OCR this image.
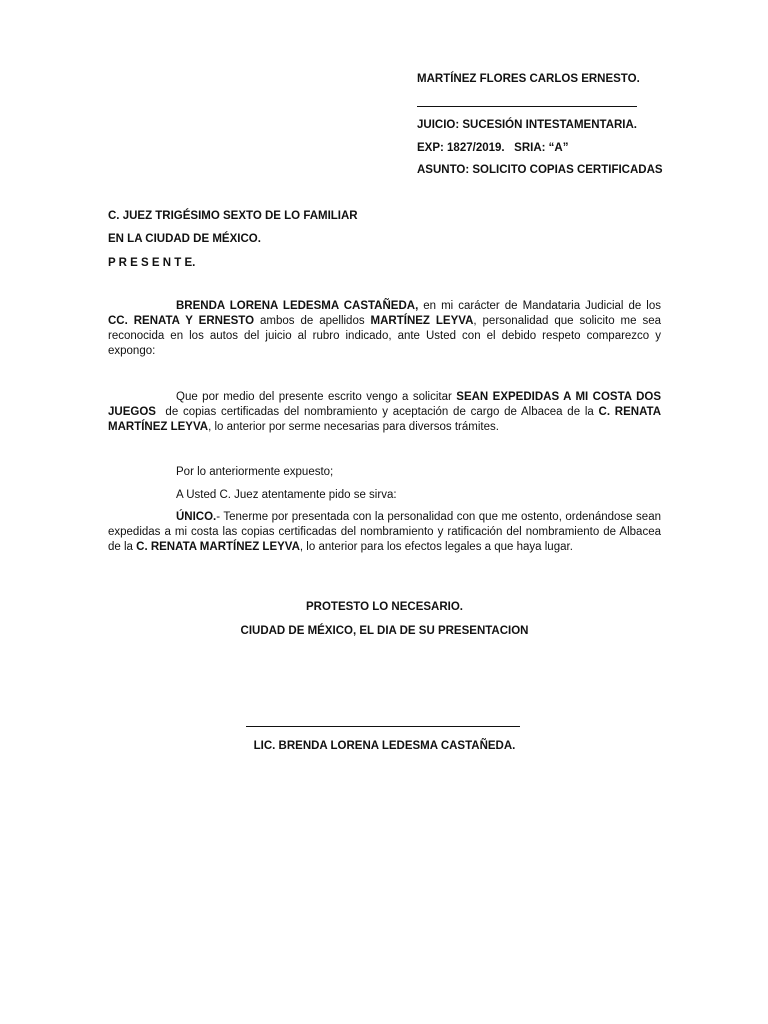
MARTÍNEZ FLORES CARLOS ERNESTO.
JUICIO: SUCESIÓN INTESTAMENTARIA.
EXP: 1827/2019.   SRIA: “A”
ASUNTO: SOLICITO COPIAS CERTIFICADAS
C. JUEZ TRIGÉSIMO SEXTO DE LO FAMILIAR
EN LA CIUDAD DE MÉXICO.
P R E S E N T E.
BRENDA LORENA LEDESMA CASTAÑEDA, en mi carácter de Mandataria Judicial de los CC. RENATA Y ERNESTO ambos de apellidos MARTÍNEZ LEYVA, personalidad que solicito me sea reconocida en los autos del juicio al rubro indicado, ante Usted con el debido respeto comparezco y expongo:
Que por medio del presente escrito vengo a solicitar SEAN EXPEDIDAS A MI COSTA DOS JUEGOS  de copias certificadas del nombramiento y aceptación de cargo de Albacea de la C. RENATA MARTÍNEZ LEYVA, lo anterior por serme necesarias para diversos trámites.
Por lo anteriormente expuesto;
A Usted C. Juez atentamente pido se sirva:
ÚNICO.- Tenerme por presentada con la personalidad con que me ostento, ordenándose sean expedidas a mi costa las copias certificadas del nombramiento y ratificación del nombramiento de Albacea de la C. RENATA MARTÍNEZ LEYVA, lo anterior para los efectos legales a que haya lugar.
PROTESTO LO NECESARIO.
CIUDAD DE MÉXICO, EL DIA DE SU PRESENTACION
LIC. BRENDA LORENA LEDESMA CASTAÑEDA.
